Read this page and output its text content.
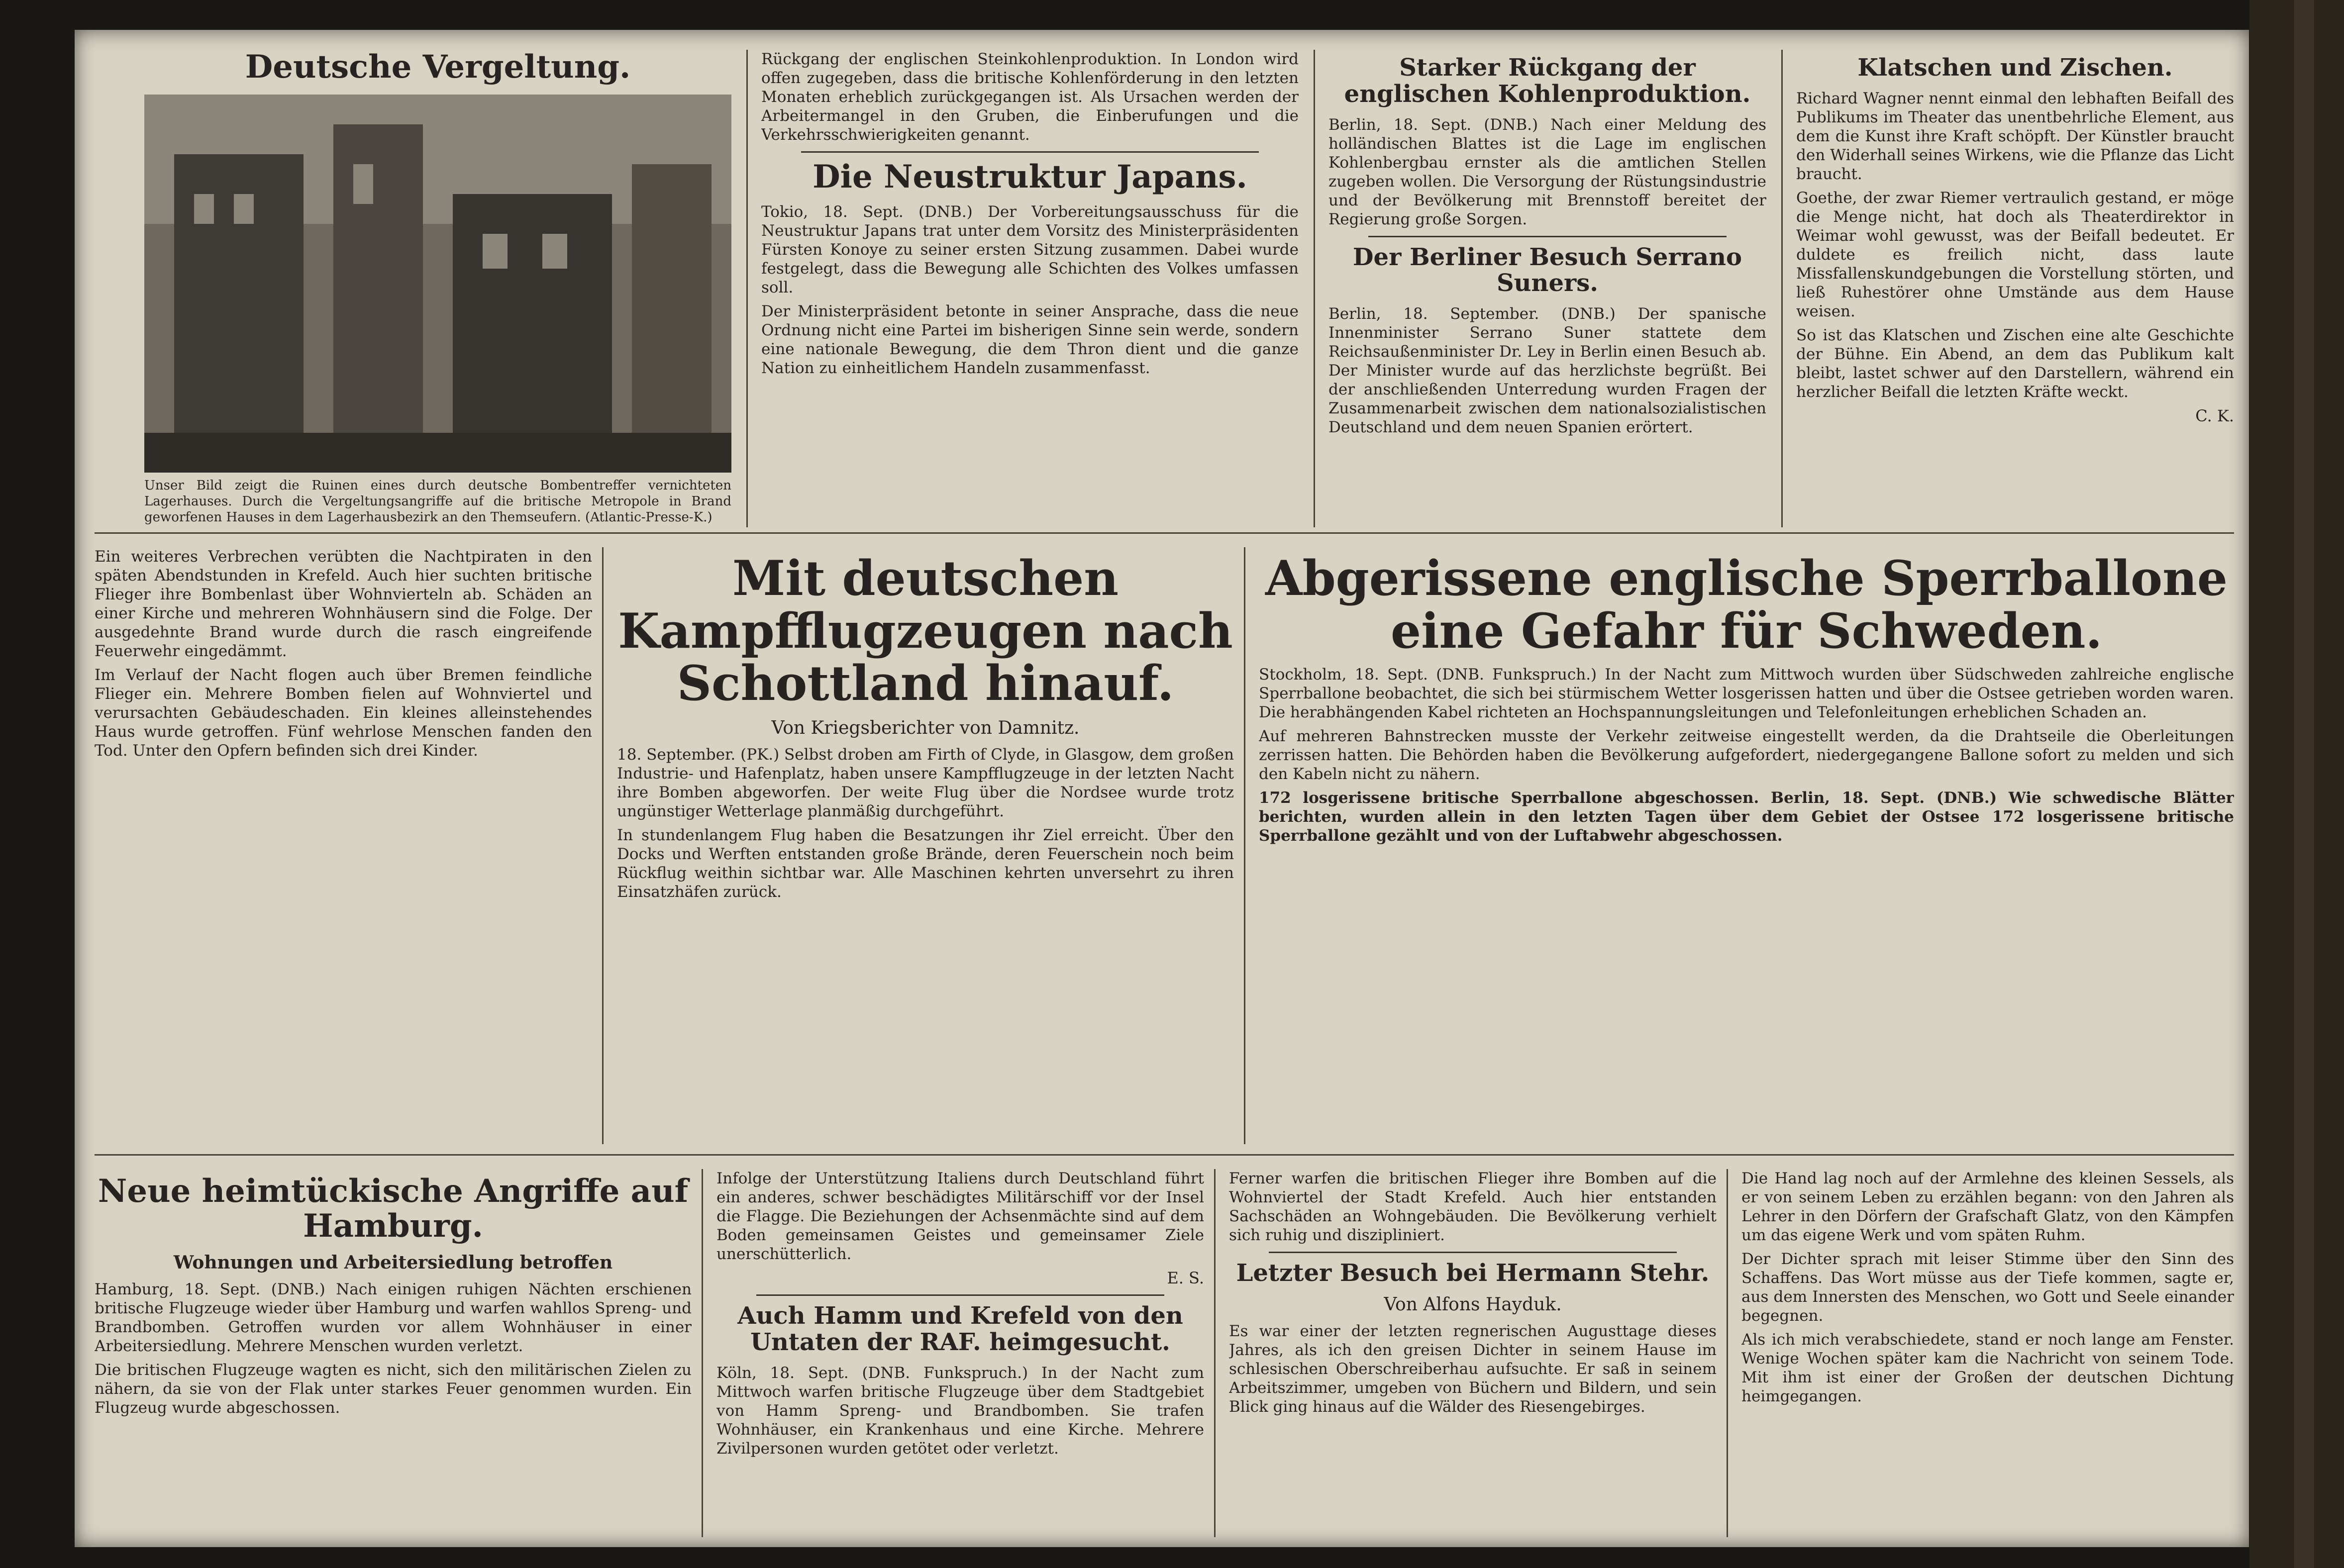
Deutsche Vergeltung.

Unser Bild zeigt die Ruinen eines durch deutsche Bombentreffer vernichteten Lagerhauses. Durch die Vergeltungsangriffe auf die britische Metropole in Brand geworfenen Hauses in dem Lagerhausbezirk an den Themseufern. (Atlantic-Presse-K.)

Rückgang der englischen Steinkohlenproduktion. In London wird offen zugegeben, dass die britische Kohlenförderung in den letzten Monaten erheblich zurückgegangen ist. Als Ursachen werden der Arbeitermangel in den Gruben, die Einberufungen und die Verkehrsschwierigkeiten genannt.

Die Neustruktur Japans.

Tokio, 18. Sept. (DNB.) Der Vorbereitungsausschuss für die Neustruktur Japans trat unter dem Vorsitz des Ministerpräsidenten Fürsten Konoye zu seiner ersten Sitzung zusammen. Dabei wurde festgelegt, dass die Bewegung alle Schichten des Volkes umfassen soll.

Der Ministerpräsident betonte in seiner Ansprache, dass die neue Ordnung nicht eine Partei im bisherigen Sinne sein werde, sondern eine nationale Bewegung, die dem Thron dient und die ganze Nation zu einheitlichem Handeln zusammenfasst.

Starker Rückgang der englischen Kohlenproduktion.

Berlin, 18. Sept. (DNB.) Nach einer Meldung des holländischen Blattes ist die Lage im englischen Kohlenbergbau ernster als die amtlichen Stellen zugeben wollen. Die Versorgung der Rüstungsindustrie und der Bevölkerung mit Brennstoff bereitet der Regierung große Sorgen.

Der Berliner Besuch Serrano Suners.

Berlin, 18. September. (DNB.) Der spanische Innenminister Serrano Suner stattete dem Reichsaußenminister Dr. Ley in Berlin einen Besuch ab. Der Minister wurde auf das herzlichste begrüßt. Bei der anschließenden Unterredung wurden Fragen der Zusammenarbeit zwischen dem nationalsozialistischen Deutschland und dem neuen Spanien erörtert.

Klatschen und Zischen.

Richard Wagner nennt einmal den lebhaften Beifall des Publikums im Theater das unentbehrliche Element, aus dem die Kunst ihre Kraft schöpft. Der Künstler braucht den Widerhall seines Wirkens, wie die Pflanze das Licht braucht.

Goethe, der zwar Riemer vertraulich gestand, er möge die Menge nicht, hat doch als Theaterdirektor in Weimar wohl gewusst, was der Beifall bedeutet. Er duldete es freilich nicht, dass laute Missfallenskundgebungen die Vorstellung störten, und ließ Ruhestörer ohne Umstände aus dem Hause weisen.

So ist das Klatschen und Zischen eine alte Geschichte der Bühne. Ein Abend, an dem das Publikum kalt bleibt, lastet schwer auf den Darstellern, während ein herzlicher Beifall die letzten Kräfte weckt.

C. K.

Ein weiteres Verbrechen verübten die Nachtpiraten in den späten Abendstunden in Krefeld. Auch hier suchten britische Flieger ihre Bombenlast über Wohnvierteln ab. Schäden an einer Kirche und mehreren Wohnhäusern sind die Folge. Der ausgedehnte Brand wurde durch die rasch eingreifende Feuerwehr eingedämmt.

Im Verlauf der Nacht flogen auch über Bremen feindliche Flieger ein. Mehrere Bomben fielen auf Wohnviertel und verursachten Gebäudeschaden. Ein kleines alleinstehendes Haus wurde getroffen. Fünf wehrlose Menschen fanden den Tod. Unter den Opfern befinden sich drei Kinder.

Mit deutschen Kampfflugzeugen nach Schottland hinauf.
Von Kriegsberichter von Damnitz.

18. September. (PK.) Selbst droben am Firth of Clyde, in Glasgow, dem großen Industrie- und Hafenplatz, haben unsere Kampfflugzeuge in der letzten Nacht ihre Bomben abgeworfen. Der weite Flug über die Nordsee wurde trotz ungünstiger Wetterlage planmäßig durchgeführt.

In stundenlangem Flug haben die Besatzungen ihr Ziel erreicht. Über den Docks und Werften entstanden große Brände, deren Feuerschein noch beim Rückflug weithin sichtbar war. Alle Maschinen kehrten unversehrt zu ihren Einsatzhäfen zurück.

Abgerissene englische Sperrballone eine Gefahr für Schweden.

Stockholm, 18. Sept. (DNB. Funkspruch.) In der Nacht zum Mittwoch wurden über Südschweden zahlreiche englische Sperrballone beobachtet, die sich bei stürmischem Wetter losgerissen hatten und über die Ostsee getrieben worden waren. Die herabhängenden Kabel richteten an Hochspannungsleitungen und Telefonleitungen erheblichen Schaden an.

Auf mehreren Bahnstrecken musste der Verkehr zeitweise eingestellt werden, da die Drahtseile die Oberleitungen zerrissen hatten. Die Behörden haben die Bevölkerung aufgefordert, niedergegangene Ballone sofort zu melden und sich den Kabeln nicht zu nähern.

172 losgerissene britische Sperrballone abgeschossen. Berlin, 18. Sept. (DNB.) Wie schwedische Blätter berichten, wurden allein in den letzten Tagen über dem Gebiet der Ostsee 172 losgerissene britische Sperrballone gezählt und von der Luftabwehr abgeschossen.

Neue heimtückische Angriffe auf Hamburg.
Wohnungen und Arbeitersiedlung betroffen

Hamburg, 18. Sept. (DNB.) Nach einigen ruhigen Nächten erschienen britische Flugzeuge wieder über Hamburg und warfen wahllos Spreng- und Brandbomben. Getroffen wurden vor allem Wohnhäuser in einer Arbeitersiedlung. Mehrere Menschen wurden verletzt.

Die britischen Flugzeuge wagten es nicht, sich den militärischen Zielen zu nähern, da sie von der Flak unter starkes Feuer genommen wurden. Ein Flugzeug wurde abgeschossen.

Infolge der Unterstützung Italiens durch Deutschland führt ein anderes, schwer beschädigtes Militärschiff vor der Insel die Flagge. Die Beziehungen der Achsenmächte sind auf dem Boden gemeinsamen Geistes und gemeinsamer Ziele unerschütterlich.

E. S.
Auch Hamm und Krefeld von den Untaten der RAF. heimgesucht.

Köln, 18. Sept. (DNB. Funkspruch.) In der Nacht zum Mittwoch warfen britische Flugzeuge über dem Stadtgebiet von Hamm Spreng- und Brandbomben. Sie trafen Wohnhäuser, ein Krankenhaus und eine Kirche. Mehrere Zivilpersonen wurden getötet oder verletzt.

Ferner warfen die britischen Flieger ihre Bomben auf die Wohnviertel der Stadt Krefeld. Auch hier entstanden Sachschäden an Wohngebäuden. Die Bevölkerung verhielt sich ruhig und diszipliniert.

Letzter Besuch bei Hermann Stehr.
Von Alfons Hayduk.

Es war einer der letzten regnerischen Augusttage dieses Jahres, als ich den greisen Dichter in seinem Hause im schlesischen Oberschreiberhau aufsuchte. Er saß in seinem Arbeitszimmer, umgeben von Büchern und Bildern, und sein Blick ging hinaus auf die Wälder des Riesengebirges.

Die Hand lag noch auf der Armlehne des kleinen Sessels, als er von seinem Leben zu erzählen begann: von den Jahren als Lehrer in den Dörfern der Grafschaft Glatz, von den Kämpfen um das eigene Werk und vom späten Ruhm.

Der Dichter sprach mit leiser Stimme über den Sinn des Schaffens. Das Wort müsse aus der Tiefe kommen, sagte er, aus dem Innersten des Menschen, wo Gott und Seele einander begegnen.

Als ich mich verabschiedete, stand er noch lange am Fenster. Wenige Wochen später kam die Nachricht von seinem Tode. Mit ihm ist einer der Großen der deutschen Dichtung heimgegangen.
